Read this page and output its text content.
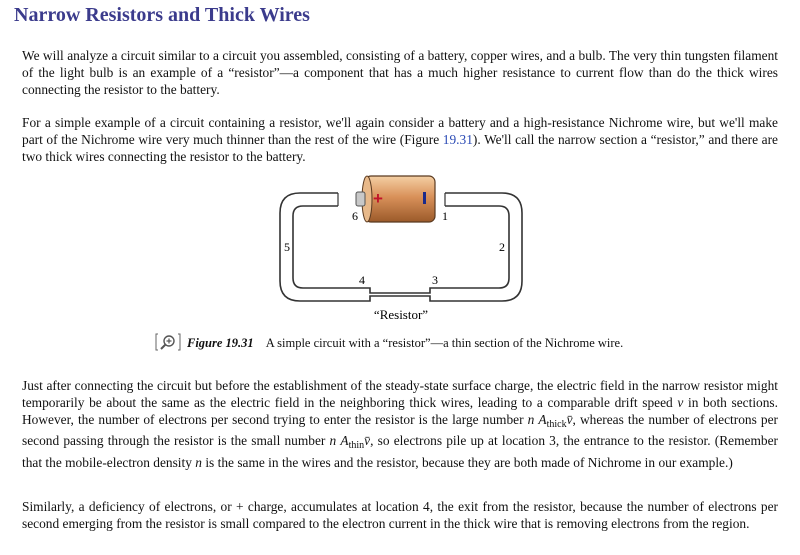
Narrow Resistors and Thick Wires

We will analyze a circuit similar to a circuit you assembled, consisting of a battery, copper wires, and a bulb. The very thin tungsten filament of the light bulb is an example of a “resistor”—a component that has a much higher resistance to current flow than do the thick wires connecting the resistor to the battery.

For a simple example of a circuit containing a resistor, we'll again consider a battery and a high-resistance Nichrome wire, but we'll make part of the Nichrome wire very much thinner than the rest of the wire (Figure 19.31). We'll call the narrow section a “resistor,” and there are two thick wires connecting the resistor to the battery.

+
1
2
3
4
5
6
“Resistor”
Figure 19.31 A simple circuit with a “resistor”—a thin section of the Nichrome wire.

Just after connecting the circuit but before the establishment of the steady-state surface charge, the electric field in the narrow resistor might temporarily be about the same as the electric field in the neighboring thick wires, leading to a comparable drift speed v in both sections. However, the number of electrons per second trying to enter the resistor is the large number n $A_{thick}v̄$, whereas the number of electrons per second passing through the resistor is the small number n $A_{thin}v̄$, so electrons pile up at location 3, the entrance to the resistor. (Remember that the mobile-electron density n is the same in the wires and the resistor, because they are both made of Nichrome in our example.)

Similarly, a deficiency of electrons, or + charge, accumulates at location 4, the exit from the resistor, because the number of electrons per second emerging from the resistor is small compared to the electron current in the thick wire that is removing electrons from the region.
